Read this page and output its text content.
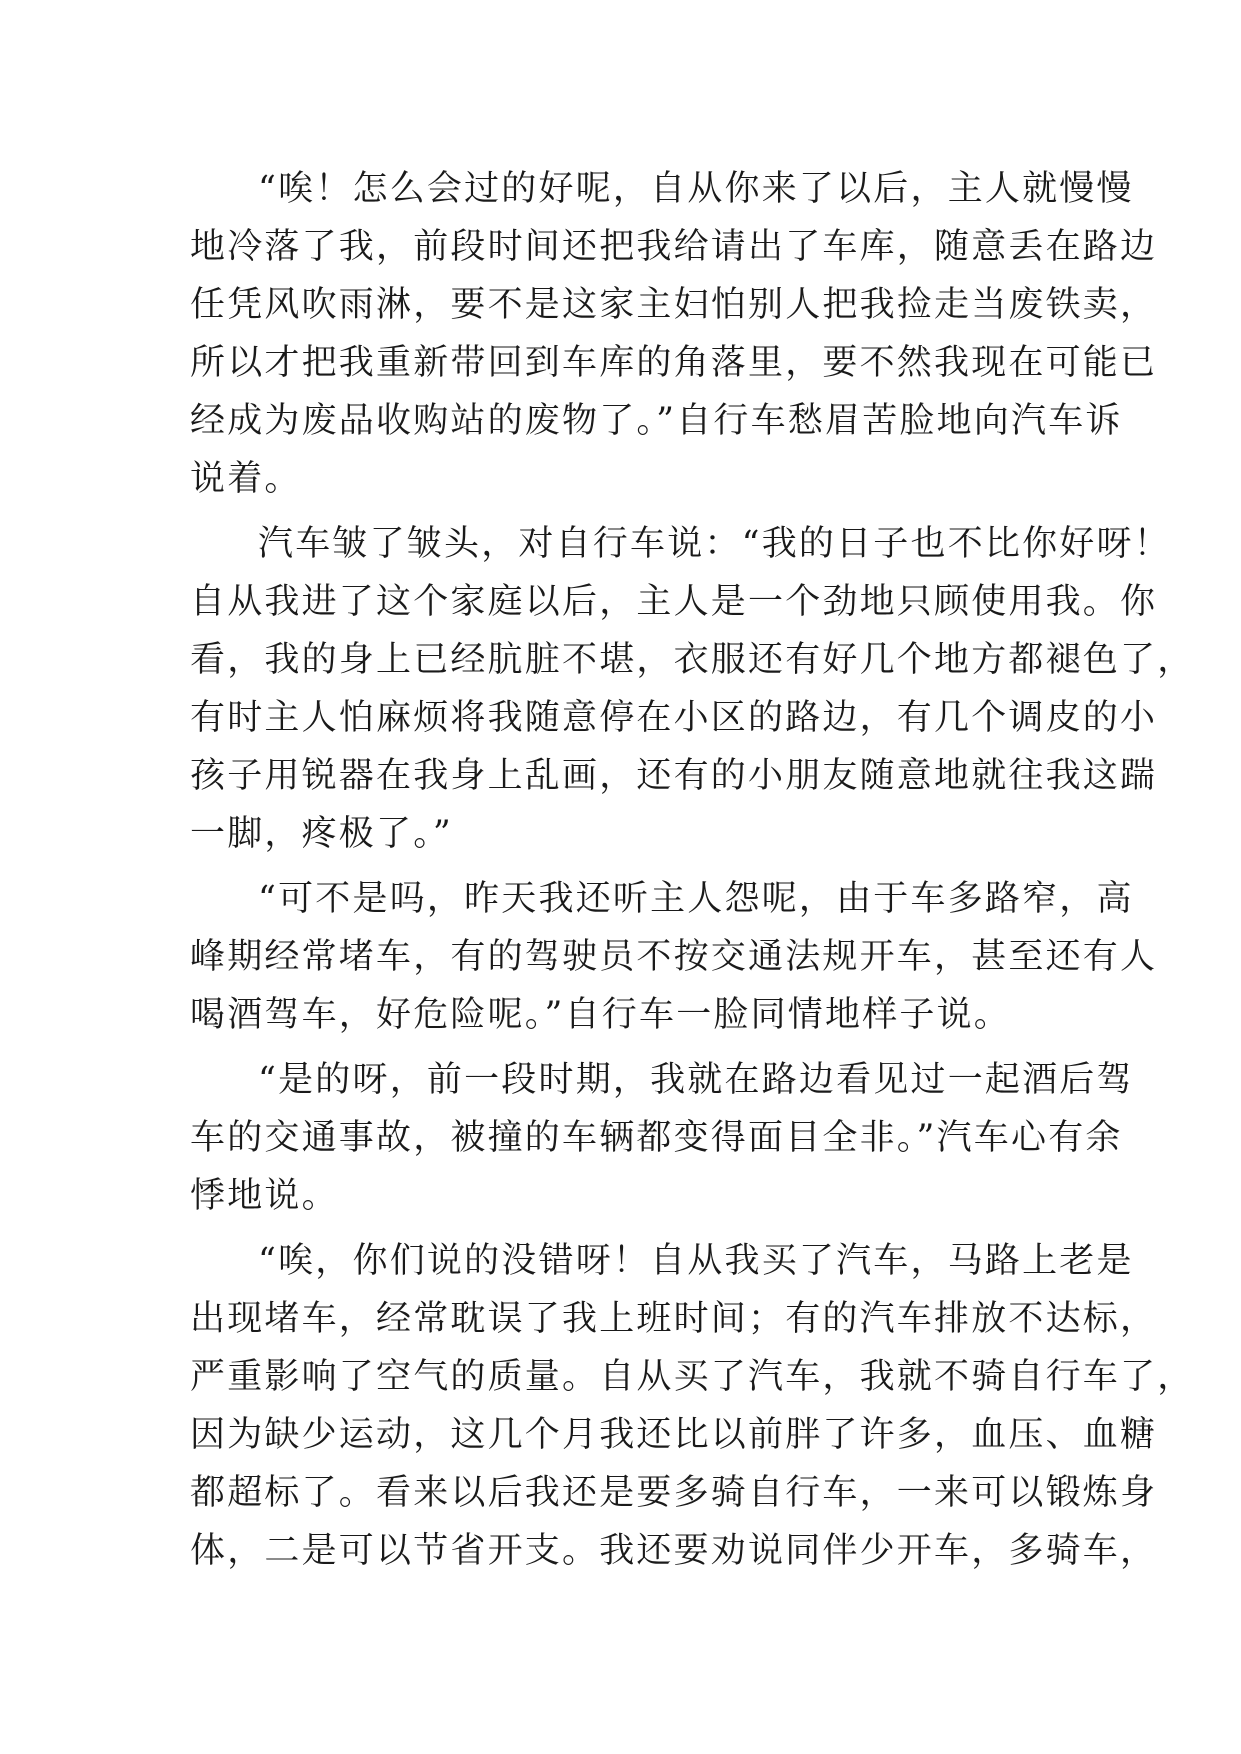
“唉！怎么会过的好呢，自从你来了以后，主人就慢慢
地冷落了我，前段时间还把我给请出了车库，随意丢在路边
任凭风吹雨淋，要不是这家主妇怕别人把我捡走当废铁卖，
所以才把我重新带回到车库的角落里，要不然我现在可能已
经成为废品收购站的废物了。”自行车愁眉苦脸地向汽车诉
说着。
汽车皱了皱头，对自行车说：“我的日子也不比你好呀！
自从我进了这个家庭以后，主人是一个劲地只顾使用我。你
看，我的身上已经肮脏不堪，衣服还有好几个地方都褪色了，
有时主人怕麻烦将我随意停在小区的路边，有几个调皮的小
孩子用锐器在我身上乱画，还有的小朋友随意地就往我这踹
一脚，疼极了。”
“可不是吗，昨天我还听主人怨呢，由于车多路窄，高
峰期经常堵车，有的驾驶员不按交通法规开车，甚至还有人
喝酒驾车，好危险呢。”自行车一脸同情地样子说。
“是的呀，前一段时期，我就在路边看见过一起酒后驾
车的交通事故，被撞的车辆都变得面目全非。”汽车心有余
悸地说。
“唉，你们说的没错呀！自从我买了汽车，马路上老是
出现堵车，经常耽误了我上班时间；有的汽车排放不达标，
严重影响了空气的质量。自从买了汽车，我就不骑自行车了，
因为缺少运动，这几个月我还比以前胖了许多，血压、血糖
都超标了。看来以后我还是要多骑自行车，一来可以锻炼身
体，二是可以节省开支。我还要劝说同伴少开车，多骑车，
